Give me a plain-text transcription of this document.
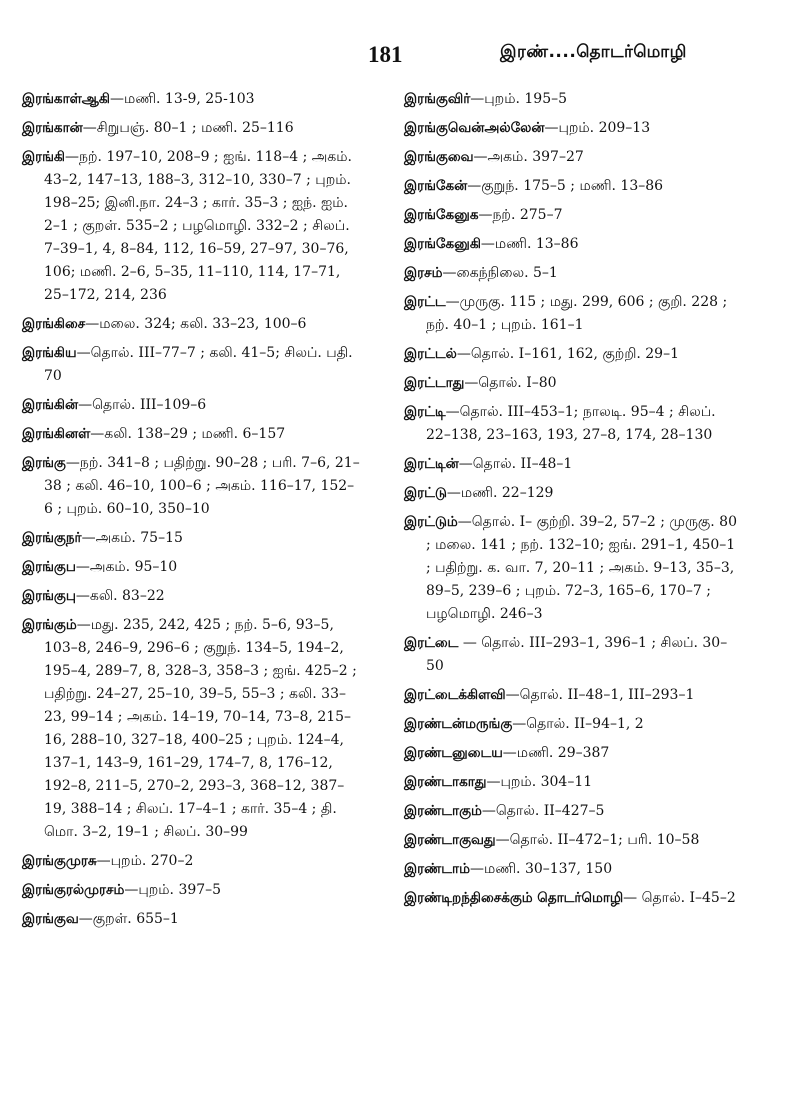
181	இரண்....தொடர்மொழி
இரங்காள்ஆகி—மணி. 13-9, 25-103
இரங்கான்—சிறுபஞ். 80–1 ; மணி. 25–116
இரங்கி—நற். 197–10, 208–9 ; ஐங். 118–4 ; அகம். 43–2, 147–13, 188–3, 312–10, 330–7 ; புறம். 198–25; இனி.நா. 24–3 ; கார். 35–3 ; ஐந். ஐம். 2–1 ; குறள். 535–2 ; பழமொழி. 332–2 ; சிலப். 7–39–1, 4, 8–84, 112, 16–59, 27–97, 30–76, 106; மணி. 2–6, 5–35, 11–110, 114, 17–71, 25–172, 214, 236
இரங்கிசை—மலை. 324; கலி. 33–23, 100–6
இரங்கிய—தொல். III–77–7 ; கலி. 41–5; சிலப். பதி. 70
இரங்கின்—தொல். III–109–6
இரங்கினள்—கலி. 138–29 ; மணி. 6–157
இரங்கு—நற். 341–8 ; பதிற்று. 90–28 ; பரி. 7–6, 21–38 ; கலி. 46–10, 100–6 ; அகம். 116–17, 152–6 ; புறம். 60–10, 350–10
இரங்குநர்—அகம். 75–15
இரங்குப—அகம். 95–10
இரங்குபு—கலி. 83–22
இரங்கும்—மது. 235, 242, 425 ; நற். 5–6, 93–5, 103–8, 246–9, 296–6 ; குறுந். 134–5, 194–2, 195–4, 289–7, 8, 328–3, 358–3 ; ஐங். 425–2 ; பதிற்று. 24–27, 25–10, 39–5, 55–3 ; கலி. 33–23, 99–14 ; அகம். 14–19, 70–14, 73–8, 215–16, 288–10, 327–18, 400–25 ; புறம். 124–4, 137–1, 143–9, 161–29, 174–7, 8, 176–12, 192–8, 211–5, 270–2, 293–3, 368–12, 387–19, 388–14 ; சிலப். 17–4–1 ; கார். 35–4 ; தி. மொ. 3–2, 19–1 ; சிலப். 30–99
இரங்குமுரசு—புறம். 270–2
இரங்குரல்முரசம்—புறம். 397–5
இரங்குவ—குறள். 655–1
இரங்குவிர்—புறம். 195–5
இரங்குவென்அல்லேன்—புறம். 209–13
இரங்குவை—அகம். 397–27
இரங்கேன்—குறுந். 175–5 ; மணி. 13–86
இரங்கேனுக—நற். 275–7
இரங்கேனுகி—மணி. 13–86
இரசம்—கைந்நிலை. 5–1
இரட்ட—முருகு. 115 ; மது. 299, 606 ; குறி. 228 ; நற். 40–1 ; புறம். 161–1
இரட்டல்—தொல். I–161, 162, குற்றி. 29–1
இரட்டாது—தொல். I–80
இரட்டி—தொல். III–453–1; நாலடி. 95–4 ; சிலப். 22–138, 23–163, 193, 27–8, 174, 28–130
இரட்டின்—தொல். II–48–1
இரட்டு—மணி. 22–129
இரட்டும்—தொல். I– குற்றி. 39–2, 57–2 ; முருகு. 80 ; மலை. 141 ; நற். 132–10; ஐங். 291–1, 450–1 ; பதிற்று. க. வா. 7, 20–11 ; அகம். 9–13, 35–3, 89–5, 239–6 ; புறம். 72–3, 165–6, 170–7 ; பழமொழி. 246–3
இரட்டை — தொல். III–293–1, 396–1 ; சிலப். 30–50
இரட்டைக்கிளவி—தொல். II–48–1, III–293–1
இரண்டன்மருங்கு—தொல். II–94–1, 2
இரண்டனுடைய—மணி. 29–387
இரண்டாகாது—புறம். 304–11
இரண்டாகும்—தொல். II–427–5
இரண்டாகுவது—தொல். II–472–1; பரி. 10–58
இரண்டாம்—மணி. 30–137, 150
இரண்டிறந்திசைக்கும் தொடர்மொழி— தொல். I–45–2
